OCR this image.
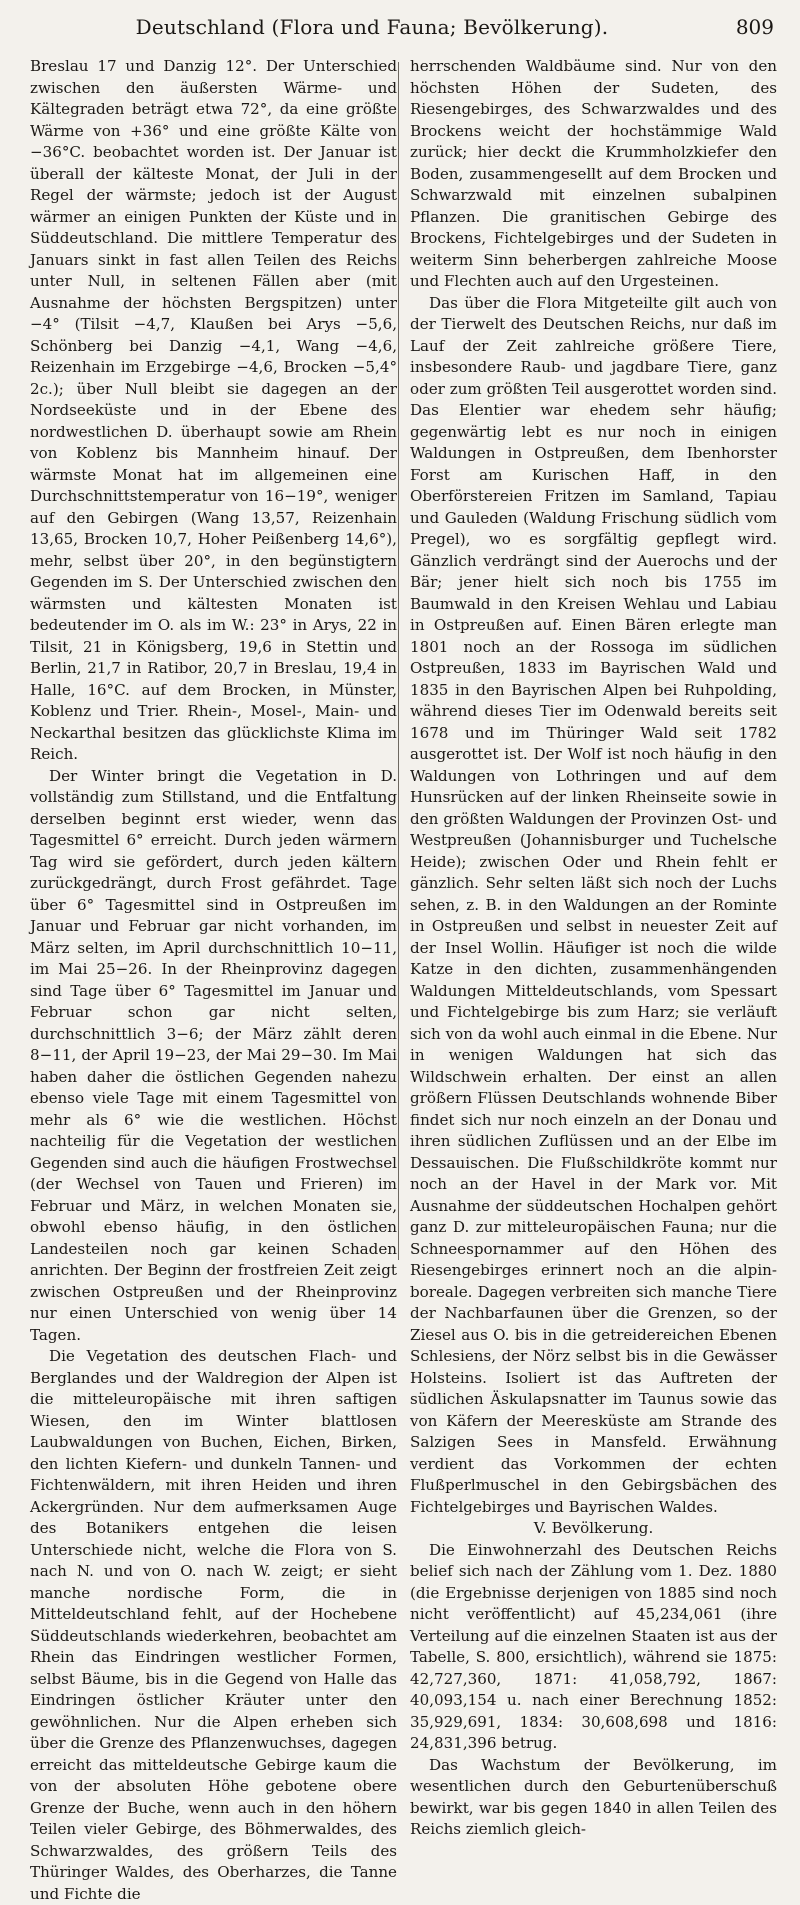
Deutschland (Flora und Fauna; Bevölkerung).	809

Breslau 17 und Danzig 12°. Der Unterschied zwischen den äußersten Wärme- und Kältegraden beträgt etwa 72°, da eine größte Wärme von +36° und eine größte Kälte von −36°C. beobachtet worden ist. Der Januar ist überall der kälteste Monat, der Juli in der Regel der wärmste; jedoch ist der August wärmer an einigen Punkten der Küste und in Süddeutschland. Die mittlere Temperatur des Januars sinkt in fast allen Teilen des Reichs unter Null, in seltenen Fällen aber (mit Ausnahme der höchsten Bergspitzen) unter −4° (Tilsit −4,7, Klaußen bei Arys −5,6, Schönberg bei Danzig −4,1, Wang −4,6, Reizenhain im Erzgebirge −4,6, Brocken −5,4° 2c.); über Null bleibt sie dagegen an der Nordseeküste und in der Ebene des nordwestlichen D. überhaupt sowie am Rhein von Koblenz bis Mannheim hinauf. Der wärmste Monat hat im allgemeinen eine Durchschnittstemperatur von 16−19°, weniger auf den Gebirgen (Wang 13,57, Reizenhain 13,65, Brocken 10,7, Hoher Peißenberg 14,6°), mehr, selbst über 20°, in den begünstigtern Gegenden im S. Der Unterschied zwischen den wärmsten und kältesten Monaten ist bedeutender im O. als im W.: 23° in Arys, 22 in Tilsit, 21 in Königsberg, 19,6 in Stettin und Berlin, 21,7 in Ratibor, 20,7 in Breslau, 19,4 in Halle, 16°C. auf dem Brocken, in Münster, Koblenz und Trier. Rhein-, Mosel-, Main- und Neckarthal besitzen das glücklichste Klima im Reich.

Der Winter bringt die Vegetation in D. vollständig zum Stillstand, und die Entfaltung derselben beginnt erst wieder, wenn das Tagesmittel 6° erreicht. Durch jeden wärmern Tag wird sie gefördert, durch jeden kältern zurückgedrängt, durch Frost gefährdet. Tage über 6° Tagesmittel sind in Ostpreußen im Januar und Februar gar nicht vorhanden, im März selten, im April durchschnittlich 10−11, im Mai 25−26. In der Rheinprovinz dagegen sind Tage über 6° Tagesmittel im Januar und Februar schon gar nicht selten, durchschnittlich 3−6; der März zählt deren 8−11, der April 19−23, der Mai 29−30. Im Mai haben daher die östlichen Gegenden nahezu ebenso viele Tage mit einem Tagesmittel von mehr als 6° wie die westlichen. Höchst nachteilig für die Vegetation der westlichen Gegenden sind auch die häufigen Frostwechsel (der Wechsel von Tauen und Frieren) im Februar und März, in welchen Monaten sie, obwohl ebenso häufig, in den östlichen Landesteilen noch gar keinen Schaden anrichten. Der Beginn der frostfreien Zeit zeigt zwischen Ostpreußen und der Rheinprovinz nur einen Unterschied von wenig über 14 Tagen.

Die Vegetation des deutschen Flach- und Berglandes und der Waldregion der Alpen ist die mitteleuropäische mit ihren saftigen Wiesen, den im Winter blattlosen Laubwaldungen von Buchen, Eichen, Birken, den lichten Kiefern- und dunkeln Tannen- und Fichtenwäldern, mit ihren Heiden und ihren Ackergründen. Nur dem aufmerksamen Auge des Botanikers entgehen die leisen Unterschiede nicht, welche die Flora von S. nach N. und von O. nach W. zeigt; er sieht manche nordische Form, die in Mitteldeutschland fehlt, auf der Hochebene Süddeutschlands wiederkehren, beobachtet am Rhein das Eindringen westlicher Formen, selbst Bäume, bis in die Gegend von Halle das Eindringen östlicher Kräuter unter den gewöhnlichen. Nur die Alpen erheben sich über die Grenze des Pflanzenwuchses, dagegen erreicht das mitteldeutsche Gebirge kaum die von der absoluten Höhe gebotene obere Grenze der Buche, wenn auch in den höhern Teilen vieler Gebirge, des Böhmerwaldes, des Schwarzwaldes, des größern Teils des Thüringer Waldes, des Oberharzes, die Tanne und Fichte die

herrschenden Waldbäume sind. Nur von den höchsten Höhen der Sudeten, des Riesengebirges, des Schwarzwaldes und des Brockens weicht der hochstämmige Wald zurück; hier deckt die Krummholzkiefer den Boden, zusammengesellt auf dem Brocken und Schwarzwald mit einzelnen subalpinen Pflanzen. Die granitischen Gebirge des Brockens, Fichtelgebirges und der Sudeten in weiterm Sinn beherbergen zahlreiche Moose und Flechten auch auf den Urgesteinen.

Das über die Flora Mitgeteilte gilt auch von der Tierwelt des Deutschen Reichs, nur daß im Lauf der Zeit zahlreiche größere Tiere, insbesondere Raub- und jagdbare Tiere, ganz oder zum größten Teil ausgerottet worden sind. Das Elentier war ehedem sehr häufig; gegenwärtig lebt es nur noch in einigen Waldungen in Ostpreußen, dem Ibenhorster Forst am Kurischen Haff, in den Oberförstereien Fritzen im Samland, Tapiau und Gauleden (Waldung Frischung südlich vom Pregel), wo es sorgfältig gepflegt wird. Gänzlich verdrängt sind der Auerochs und der Bär; jener hielt sich noch bis 1755 im Baumwald in den Kreisen Wehlau und Labiau in Ostpreußen auf. Einen Bären erlegte man 1801 noch an der Rossoga im südlichen Ostpreußen, 1833 im Bayrischen Wald und 1835 in den Bayrischen Alpen bei Ruhpolding, während dieses Tier im Odenwald bereits seit 1678 und im Thüringer Wald seit 1782 ausgerottet ist. Der Wolf ist noch häufig in den Waldungen von Lothringen und auf dem Hunsrücken auf der linken Rheinseite sowie in den größten Waldungen der Provinzen Ost- und Westpreußen (Johannisburger und Tuchelsche Heide); zwischen Oder und Rhein fehlt er gänzlich. Sehr selten läßt sich noch der Luchs sehen, z. B. in den Waldungen an der Rominte in Ostpreußen und selbst in neuester Zeit auf der Insel Wollin. Häufiger ist noch die wilde Katze in den dichten, zusammenhängenden Waldungen Mitteldeutschlands, vom Spessart und Fichtelgebirge bis zum Harz; sie verläuft sich von da wohl auch einmal in die Ebene. Nur in wenigen Waldungen hat sich das Wildschwein erhalten. Der einst an allen größern Flüssen Deutschlands wohnende Biber findet sich nur noch einzeln an der Donau und ihren südlichen Zuflüssen und an der Elbe im Dessauischen. Die Flußschildkröte kommt nur noch an der Havel in der Mark vor. Mit Ausnahme der süddeutschen Hochalpen gehört ganz D. zur mitteleuropäischen Fauna; nur die Schneespornammer auf den Höhen des Riesengebirges erinnert noch an die alpin-boreale. Dagegen verbreiten sich manche Tiere der Nachbarfaunen über die Grenzen, so der Ziesel aus O. bis in die getreidereichen Ebenen Schlesiens, der Nörz selbst bis in die Gewässer Holsteins. Isoliert ist das Auftreten der südlichen Äskulapsnatter im Taunus sowie das von Käfern der Meeresküste am Strande des Salzigen Sees in Mansfeld. Erwähnung verdient das Vorkommen der echten Flußperlmuschel in den Gebirgsbächen des Fichtelgebirges und Bayrischen Waldes.

V. Bevölkerung.

Die Einwohnerzahl des Deutschen Reichs belief sich nach der Zählung vom 1. Dez. 1880 (die Ergebnisse derjenigen von 1885 sind noch nicht veröffentlicht) auf 45,234,061 (ihre Verteilung auf die einzelnen Staaten ist aus der Tabelle, S. 800, ersichtlich), während sie 1875: 42,727,360, 1871: 41,058,792, 1867: 40,093,154 u. nach einer Berechnung 1852: 35,929,691, 1834: 30,608,698 und 1816: 24,831,396 betrug.

Das Wachstum der Bevölkerung, im wesentlichen durch den Geburtenüberschuß bewirkt, war bis gegen 1840 in allen Teilen des Reichs ziemlich gleich-
